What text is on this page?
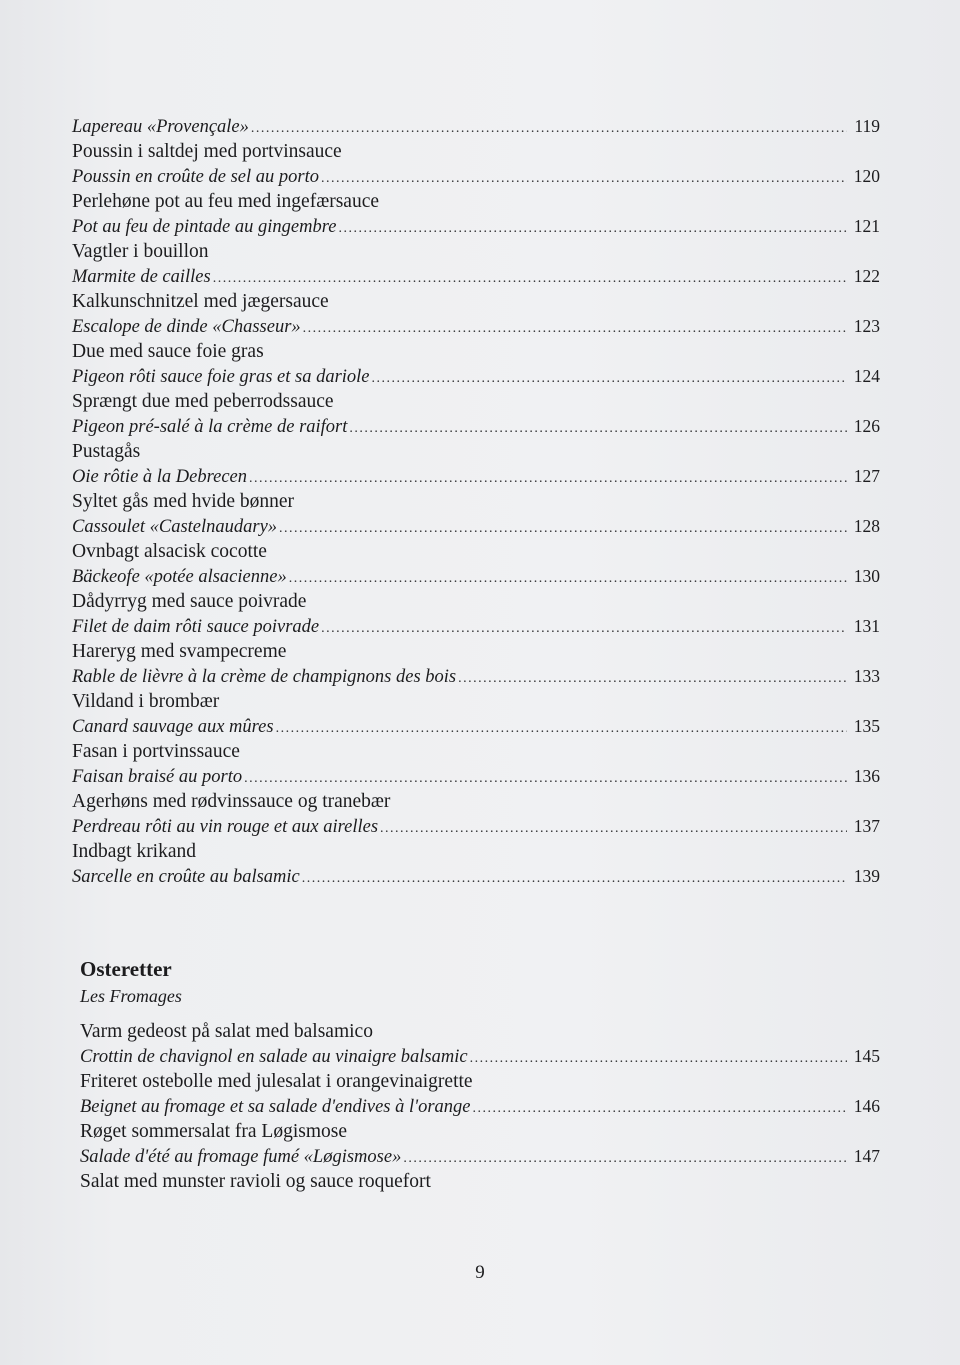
Lapereau «Provençale» .....	119
Poussin i saltdej med portvinsauce
Poussin en croûte de sel au porto .....	120
Perlehøne pot au feu med ingefærsauce
Pot au feu de pintade au gingembre .....	121
Vagtler i bouillon
Marmite de cailles .....	122
Kalkunschnitzel med jægersauce
Escalope de dinde «Chasseur» .....	123
Due med sauce foie gras
Pigeon rôti sauce foie gras et sa dariole .....	124
Sprængt due med peberrodssauce
Pigeon pré-salé à la crème de raifort .....	126
Pustagås
Oie rôtie à la Debrecen .....	127
Syltet gås med hvide bønner
Cassoulet «Castelnaudary» .....	128
Ovnbagt alsacisk cocotte
Bäckeofe «potée alsacienne» .....	130
Dådyrryg med sauce poivrade
Filet de daim rôti sauce poivrade .....	131
Hareryg med svampecreme
Rable de lièvre à la crème de champignons des bois .....	133
Vildand i brombær
Canard sauvage aux mûres .....	135
Fasan i portvinssauce
Faisan braisé au porto .....	136
Agerhøns med rødvinssauce og tranebær
Perdreau rôti au vin rouge et aux airelles .....	137
Indbagt krikand
Sarcelle en croûte au balsamic .....	139
Osteretter
Les Fromages
Varm gedeost på salat med balsamico
Crottin de chavignol en salade au vinaigre balsamic .....	145
Friteret ostebolle med julesalat i orangevinaigrette
Beignet au fromage et sa salade d'endives à l'orange .....	146
Røget sommersalat fra Løgismose
Salade d'été au fromage fumé «Løgismose» .....	147
Salat med munster ravioli og sauce roquefort
9
